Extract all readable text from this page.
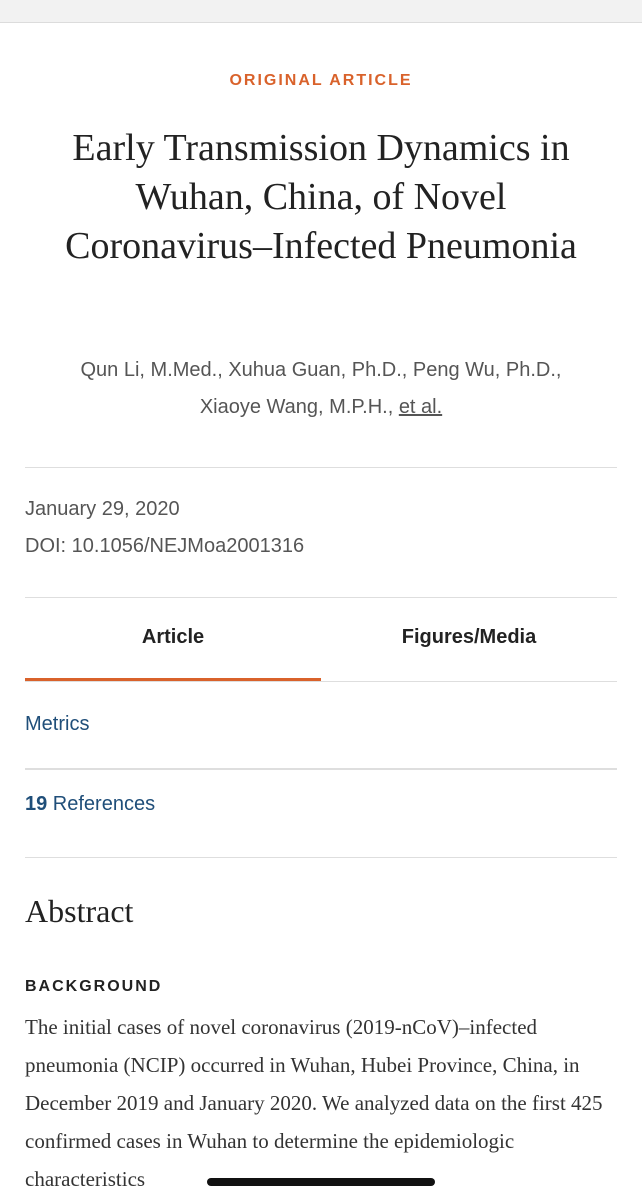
ORIGINAL ARTICLE
Early Transmission Dynamics in Wuhan, China, of Novel Coronavirus–Infected Pneumonia
Qun Li, M.Med., Xuhua Guan, Ph.D., Peng Wu, Ph.D., Xiaoye Wang, M.P.H., et al.
January 29, 2020
DOI: 10.1056/NEJMoa2001316
Article	Figures/Media
Metrics
19 References
Abstract
BACKGROUND

The initial cases of novel coronavirus (2019-nCoV)–infected pneumonia (NCIP) occurred in Wuhan, Hubei Province, China, in December 2019 and January 2020. We analyzed data on the first 425 confirmed cases in Wuhan to determine the epidemiologic characteristics
